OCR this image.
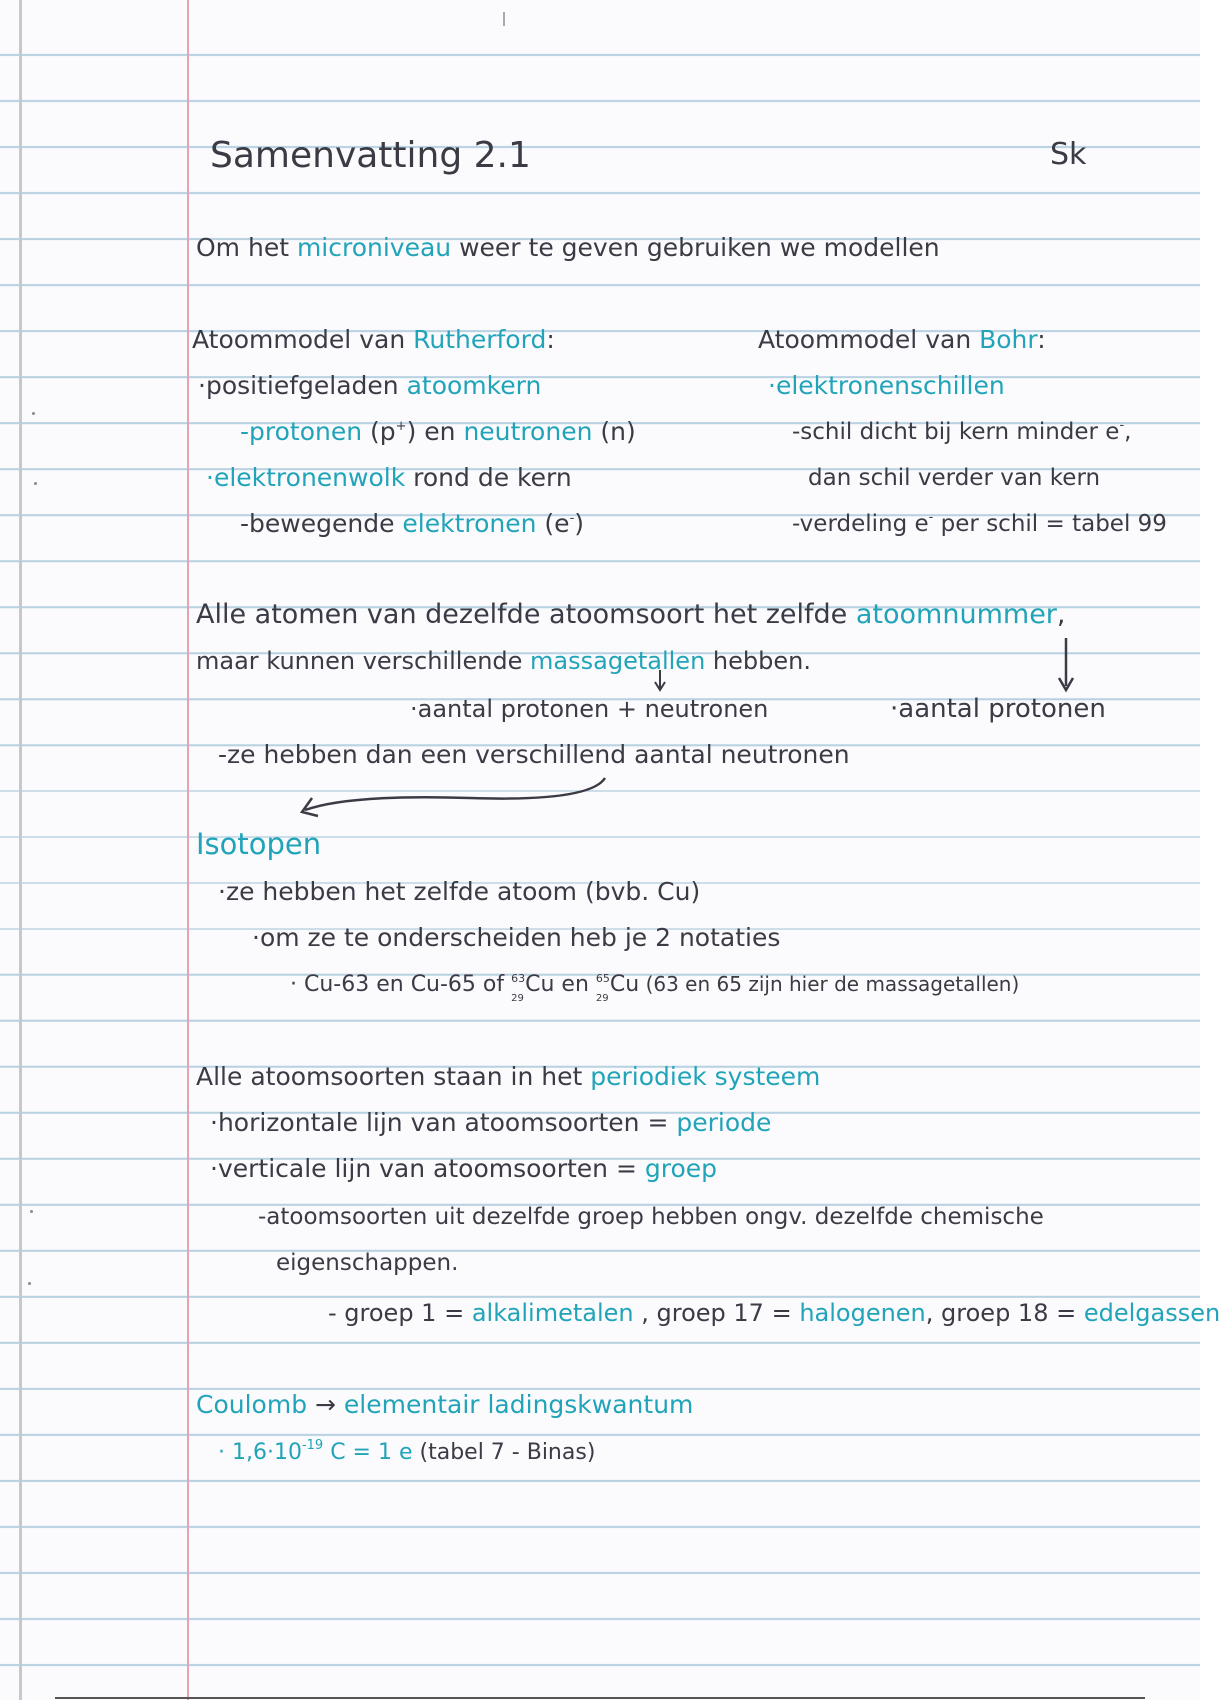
Samenvatting 2.1	Sk
Om het microniveau weer te geven gebruiken we modellen
Atoommodel van Rutherford:
·positiefgeladen atoomkern
-protonen (p+) en neutronen (n)
·elektronenwolk rond de kern
-bewegende elektronen (e-)
Atoommodel van Bohr:
·elektronenschillen
-schil dicht bij kern minder e-,
dan schil verder van kern
-verdeling e- per schil = tabel 99
Alle atomen van dezelfde atoomsoort het zelfde atoomnummer,
maar kunnen verschillende massagetallen hebben.
·aantal protonen + neutronen	·aantal protonen
-ze hebben dan een verschillend aantal neutronen
Isotopen
·ze hebben het zelfde atoom (bvb. Cu)
·om ze te onderscheiden heb je 2 notaties
· Cu-63 en Cu-65 of 63
29
Cu en 65
29
Cu (63 en 65 zijn hier de massagetallen)
Alle atoomsoorten staan in het periodiek systeem
·horizontale lijn van atoomsoorten = periode
·verticale lijn van atoomsoorten = groep
-atoomsoorten uit dezelfde groep hebben ongv. dezelfde chemische
eigenschappen.
- groep 1 = alkalimetalen , groep 17 = halogenen, groep 18 = edelgassen
Coulomb → elementair ladingskwantum
· $1,6\cdot 10^{-19}$ C = 1 e (tabel 7 - Binas)
